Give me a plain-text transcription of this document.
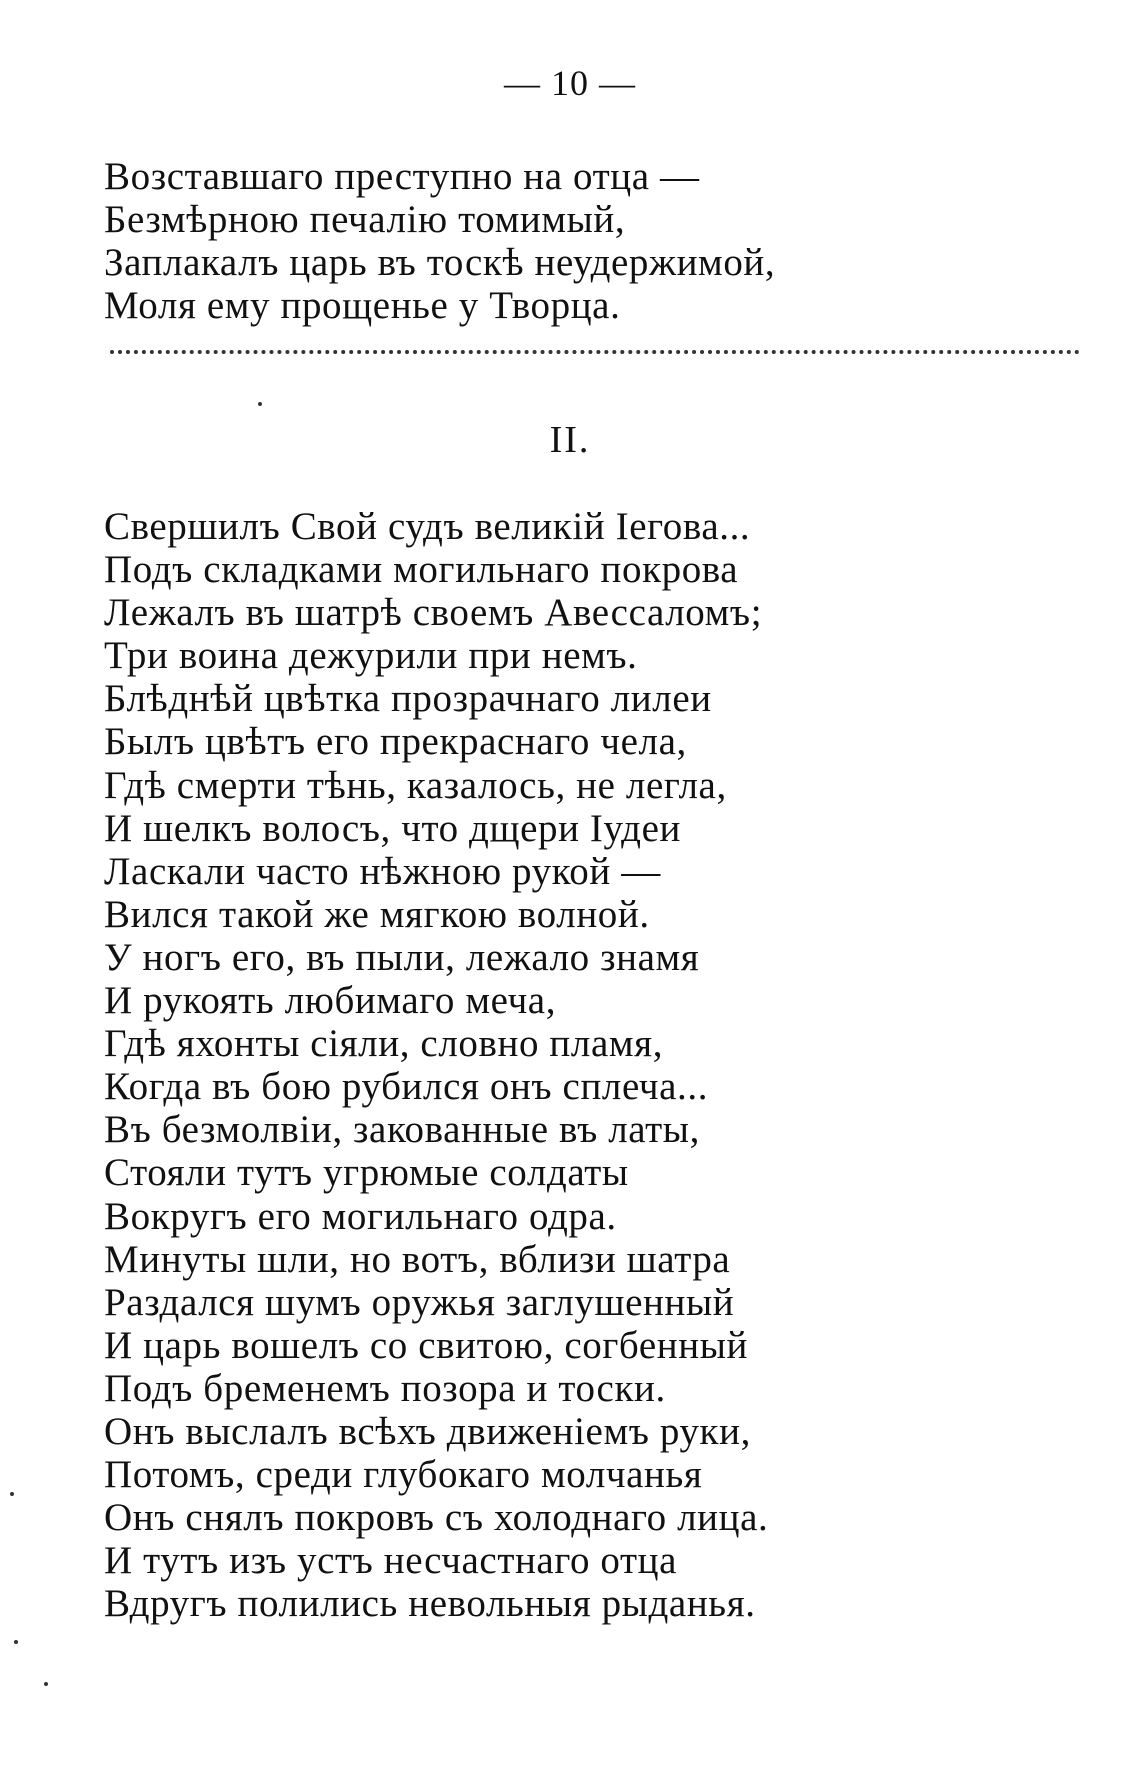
— 10 —
Возставшаго преступно на отца —
Безмѣрною печалію томимый,
Заплакалъ царь въ тоскѣ неудержимой,
Моля ему прощенье у Творца.
II.
Свершилъ Свой судъ великій Іегова...
Подъ складками могильнаго покрова
Лежалъ въ шатрѣ своемъ Авессаломъ;
Три воина дежурили при немъ.
Блѣднѣй цвѣтка прозрачнаго лилеи
Былъ цвѣтъ его прекраснаго чела,
Гдѣ смерти тѣнь, казалось, не легла,
И шелкъ волосъ, что дщери Іудеи
Ласкали часто нѣжною рукой —
Вился такой же мягкою волной.
У ногъ его, въ пыли, лежало знамя
И рукоять любимаго меча,
Гдѣ яхонты сіяли, словно пламя,
Когда въ бою рубился онъ сплеча...
Въ безмолвіи, закованные въ латы,
Стояли тутъ угрюмые солдаты
Вокругъ его могильнаго одра.
Минуты шли, но вотъ, вблизи шатра
Раздался шумъ оружья заглушенный
И царь вошелъ со свитою, согбенный
Подъ бременемъ позора и тоски.
Онъ выслалъ всѣхъ движеніемъ руки,
Потомъ, среди глубокаго молчанья
Онъ снялъ покровъ съ холоднаго лица.
И тутъ изъ устъ несчастнаго отца
Вдругъ полились невольныя рыданья.
